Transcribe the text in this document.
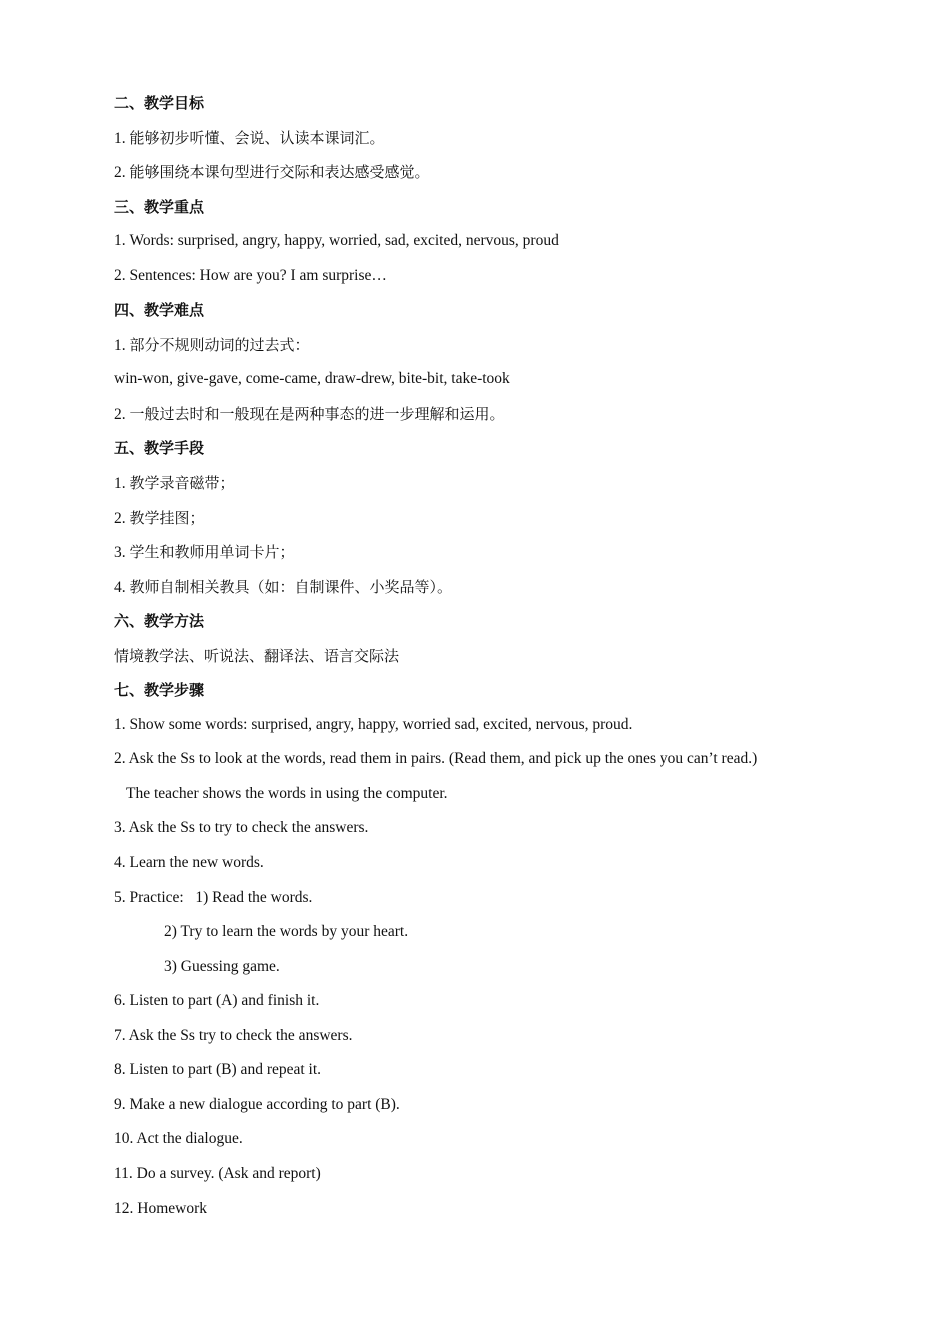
二、教学目标
1. 能够初步听懂、会说、认读本课词汇。
2. 能够围绕本课句型进行交际和表达感受感觉。
三、教学重点
1. Words: surprised, angry, happy, worried, sad, excited, nervous, proud
2. Sentences: How are you? I am surprise…
四、教学难点
1. 部分不规则动词的过去式：
win-won, give-gave, come-came, draw-drew, bite-bit, take-took
2. 一般过去时和一般现在是两种事态的进一步理解和运用。
五、教学手段
1. 教学录音磁带；
2. 教学挂图；
3. 学生和教师用单词卡片；
4. 教师自制相关教具（如：自制课件、小奖品等）。
六、教学方法
情境教学法、听说法、翻译法、语言交际法
七、教学步骤
1. Show some words: surprised, angry, happy, worried sad, excited, nervous, proud.
2. Ask the Ss to look at the words, read them in pairs. (Read them, and pick up the ones you can’t read.)
The teacher shows the words in using the computer.
3. Ask the Ss to try to check the answers.
4. Learn the new words.
5. Practice:   1) Read the words.
2) Try to learn the words by your heart.
3) Guessing game.
6. Listen to part (A) and finish it.
7. Ask the Ss try to check the answers.
8. Listen to part (B) and repeat it.
9. Make a new dialogue according to part (B).
10. Act the dialogue.
11. Do a survey. (Ask and report)
12. Homework
